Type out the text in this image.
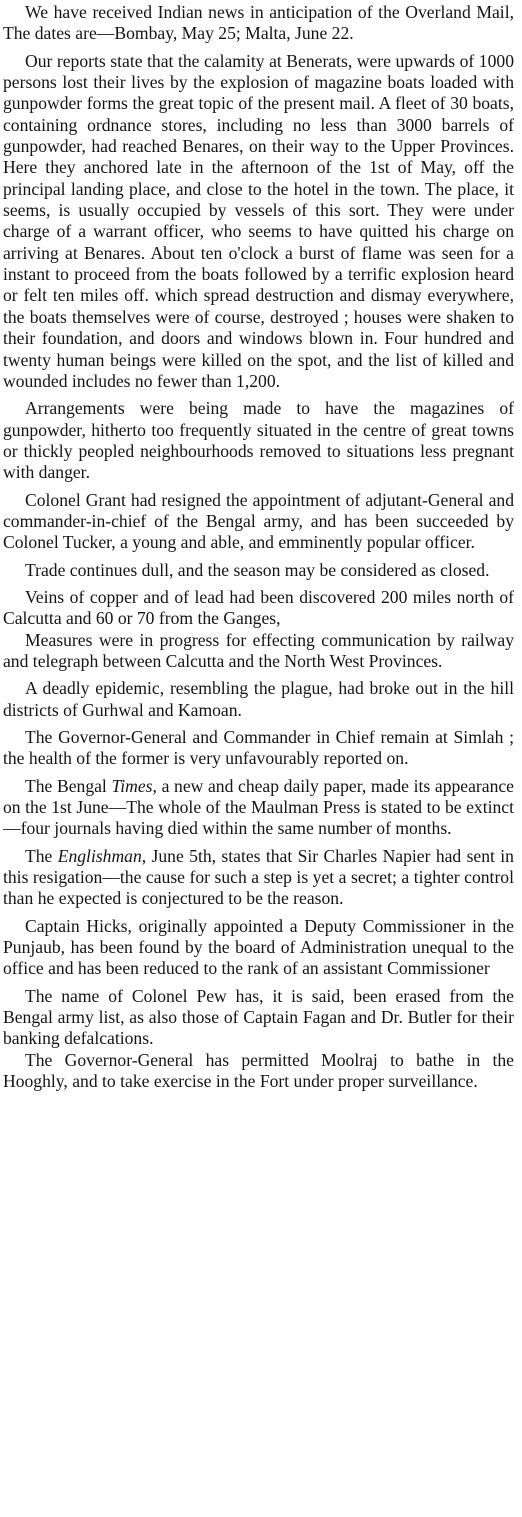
We have received Indian news in anticipation of the Overland Mail, The dates are—Bombay, May 25; Malta, June 22.

Our reports state that the calamity at Benerats, were upwards of 1000 persons lost their lives by the explosion of magazine boats loaded with gunpowder forms the great topic of the present mail. A fleet of 30 boats, containing ordnance stores, including no less than 3000 barrels of gunpowder, had reached Benares, on their way to the Upper Provinces. Here they anchored late in the afternoon of the 1st of May, off the principal landing place, and close to the hotel in the town. The place, it seems, is usually occupied by vessels of this sort. They were under charge of a warrant officer, who seems to have quitted his charge on arriving at Benares. About ten o'clock a burst of flame was seen for a instant to proceed from the boats followed by a terrific explosion heard or felt ten miles off. which spread destruction and dismay everywhere, the boats themselves were of course, destroyed ; houses were shaken to their foundation, and doors and windows blown in. Four hundred and twenty human beings were killed on the spot, and the list of killed and wounded includes no fewer than 1,200.

Arrangements were being made to have the magazines of gunpowder, hitherto too frequently situated in the centre of great towns or thickly peopled neighbourhoods removed to situations less pregnant with danger.

Colonel Grant had resigned the appointment of adjutant-General and commander-in-chief of the Bengal army, and has been succeeded by Colonel Tucker, a young and able, and emminently popular officer.

Trade continues dull, and the season may be considered as closed.

Veins of copper and of lead had been discovered 200 miles north of Calcutta and 60 or 70 from the Ganges,

Measures were in progress for effecting communication by railway and telegraph between Calcutta and the North West Provinces.

A deadly epidemic, resembling the plague, had broke out in the hill districts of Gurhwal and Kamoan.

The Governor-General and Commander in Chief remain at Simlah ; the health of the former is very unfavourably reported on.

The Bengal Times, a new and cheap daily paper, made its appearance on the 1st June—The whole of the Maulman Press is stated to be extinct—four journals having died within the same number of months.

The Englishman, June 5th, states that Sir Charles Napier had sent in this resigation—the cause for such a step is yet a secret; a tighter control than he expected is conjectured to be the reason.

Captain Hicks, originally appointed a Deputy Commissioner in the Punjaub, has been found by the board of Administration unequal to the office and has been reduced to the rank of an assistant Commissioner

The name of Colonel Pew has, it is said, been erased from the Bengal army list, as also those of Captain Fagan and Dr. Butler for their banking defalcations.

The Governor-General has permitted Moolraj to bathe in the Hooghly, and to take exercise in the Fort under proper surveillance.
